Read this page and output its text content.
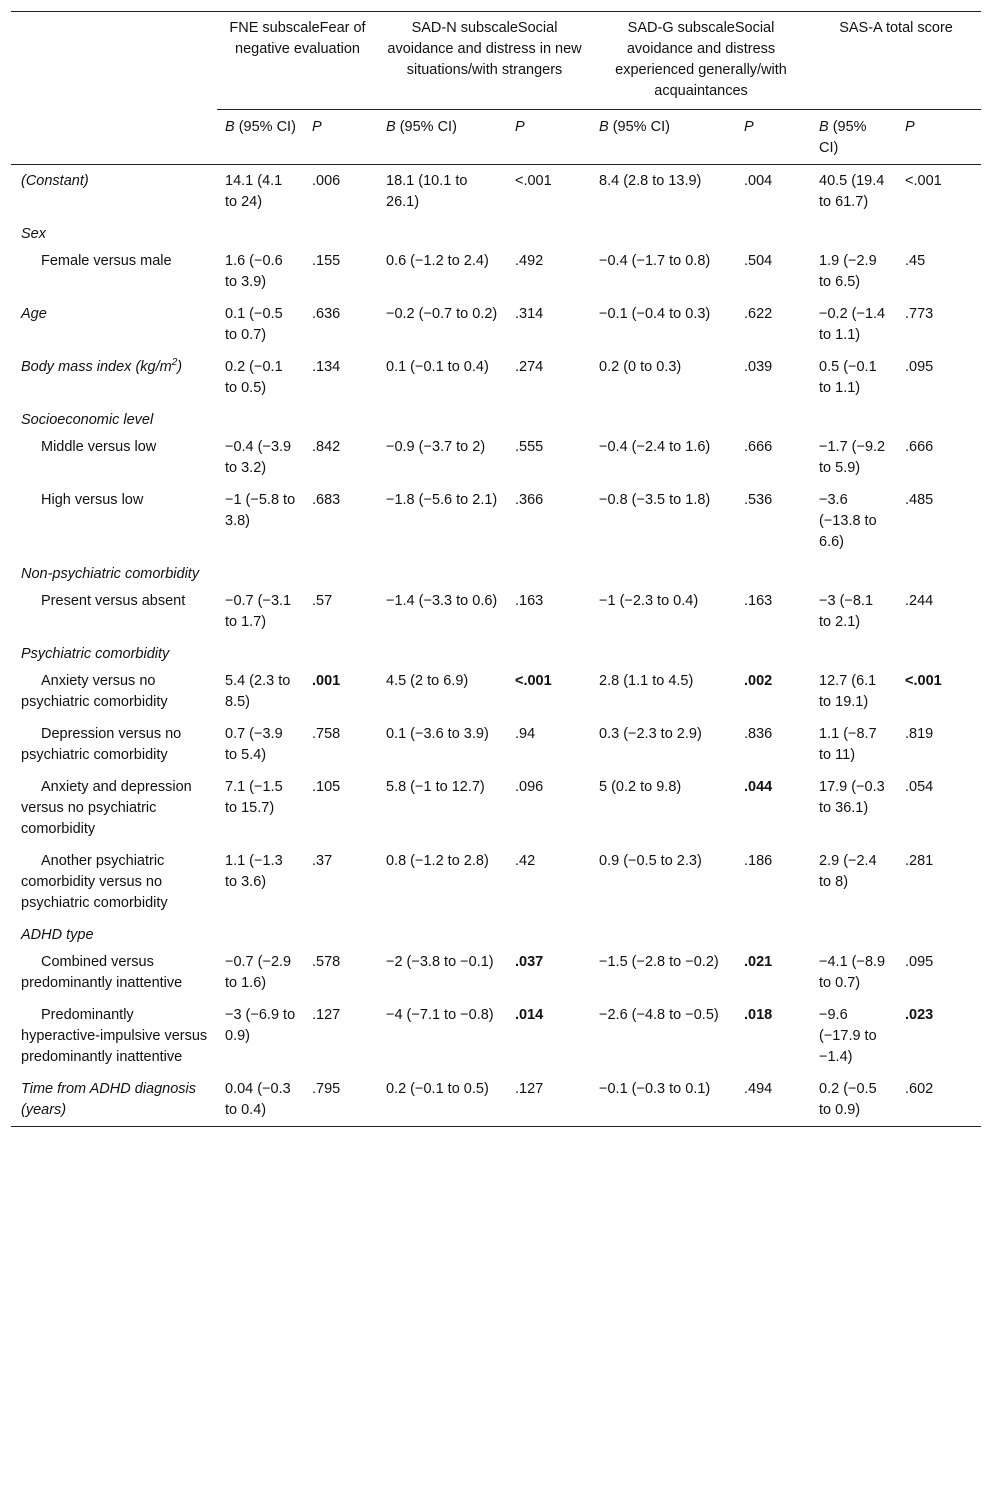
	FNE subscaleFear of negative evaluation		SAD-N subscaleSocial avoidance and distress in new situations/with strangers		SAD-G subscaleSocial avoidance and distress experienced generally/with acquaintances		SAS-A total score	
	B (95% CI)	P	B (95% CI)	P	B (95% CI)	P	B (95% CI)	P
(Constant)	14.1 (4.1 to 24)	.006	18.1 (10.1 to 26.1)	<.001	8.4 (2.8 to 13.9)	.004	40.5 (19.4 to 61.7)	<.001
Sex								

Female versus male	1.6 (−0.6 to 3.9)	.155	0.6 (−1.2 to 2.4)	.492	−0.4 (−1.7 to 0.8)	.504	1.9 (−2.9 to 6.5)	.45
Age	0.1 (−0.5 to 0.7)	.636	−0.2 (−0.7 to 0.2)	.314	−0.1 (−0.4 to 0.3)	.622	−0.2 (−1.4 to 1.1)	.773
Body mass index $(kg/m^2)$	0.2 (−0.1 to 0.5)	.134	0.1 (−0.1 to 0.4)	.274	0.2 (0 to 0.3)	.039	0.5 (−0.1 to 1.1)	.095
Socioeconomic level								

Middle versus low	−0.4 (−3.9 to 3.2)	.842	−0.9 (−3.7 to 2)	.555	−0.4 (−2.4 to 1.6)	.666	−1.7 (−9.2 to 5.9)	.666

High versus low	−1 (−5.8 to 3.8)	.683	−1.8 (−5.6 to 2.1)	.366	−0.8 (−3.5 to 1.8)	.536	−3.6 (−13.8 to 6.6)	.485
Non-psychiatric comorbidity								

Present versus absent	−0.7 (−3.1 to 1.7)	.57	−1.4 (−3.3 to 0.6)	.163	−1 (−2.3 to 0.4)	.163	−3 (−8.1 to 2.1)	.244
Psychiatric comorbidity								

Anxiety versus no psychiatric comorbidity	5.4 (2.3 to 8.5)	.001	4.5 (2 to 6.9)	<.001	2.8 (1.1 to 4.5)	.002	12.7 (6.1 to 19.1)	<.001

Depression versus no psychiatric comorbidity	0.7 (−3.9 to 5.4)	.758	0.1 (−3.6 to 3.9)	.94	0.3 (−2.3 to 2.9)	.836	1.1 (−8.7 to 11)	.819

Anxiety and depression versus no psychiatric comorbidity	7.1 (−1.5 to 15.7)	.105	5.8 (−1 to 12.7)	.096	5 (0.2 to 9.8)	.044	17.9 (−0.3 to 36.1)	.054

Another psychiatric comorbidity versus no psychiatric comorbidity	1.1 (−1.3 to 3.6)	.37	0.8 (−1.2 to 2.8)	.42	0.9 (−0.5 to 2.3)	.186	2.9 (−2.4 to 8)	.281
ADHD type								

Combined versus predominantly inattentive	−0.7 (−2.9 to 1.6)	.578	−2 (−3.8 to −0.1)	.037	−1.5 (−2.8 to −0.2)	.021	−4.1 (−8.9 to 0.7)	.095

Predominantly hyperactive-impulsive versus predominantly inattentive	−3 (−6.9 to 0.9)	.127	−4 (−7.1 to −0.8)	.014	−2.6 (−4.8 to −0.5)	.018	−9.6 (−17.9 to −1.4)	.023
Time from ADHD diagnosis (years)	0.04 (−0.3 to 0.4)	.795	0.2 (−0.1 to 0.5)	.127	−0.1 (−0.3 to 0.1)	.494	0.2 (−0.5 to 0.9)	.602
